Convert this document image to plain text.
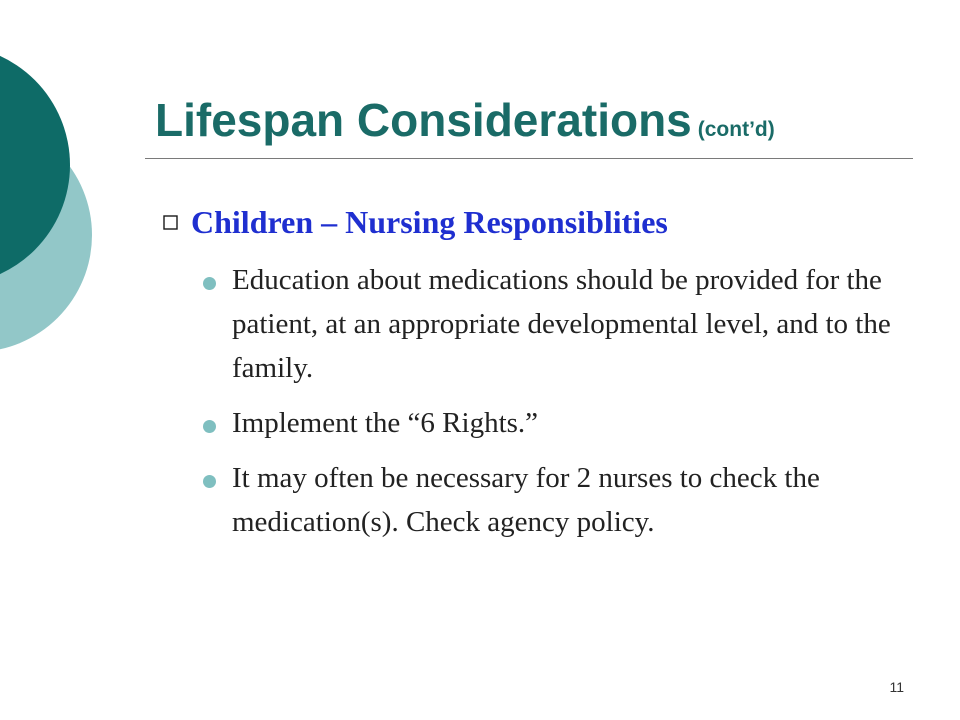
Lifespan Considerations (cont’d)
Children – Nursing Responsiblities
Education about medications should be provided for the patient, at an appropriate developmental level, and to the family.
Implement the “6 Rights.”
It may often be necessary for 2 nurses to check the medication(s). Check agency policy.
11
